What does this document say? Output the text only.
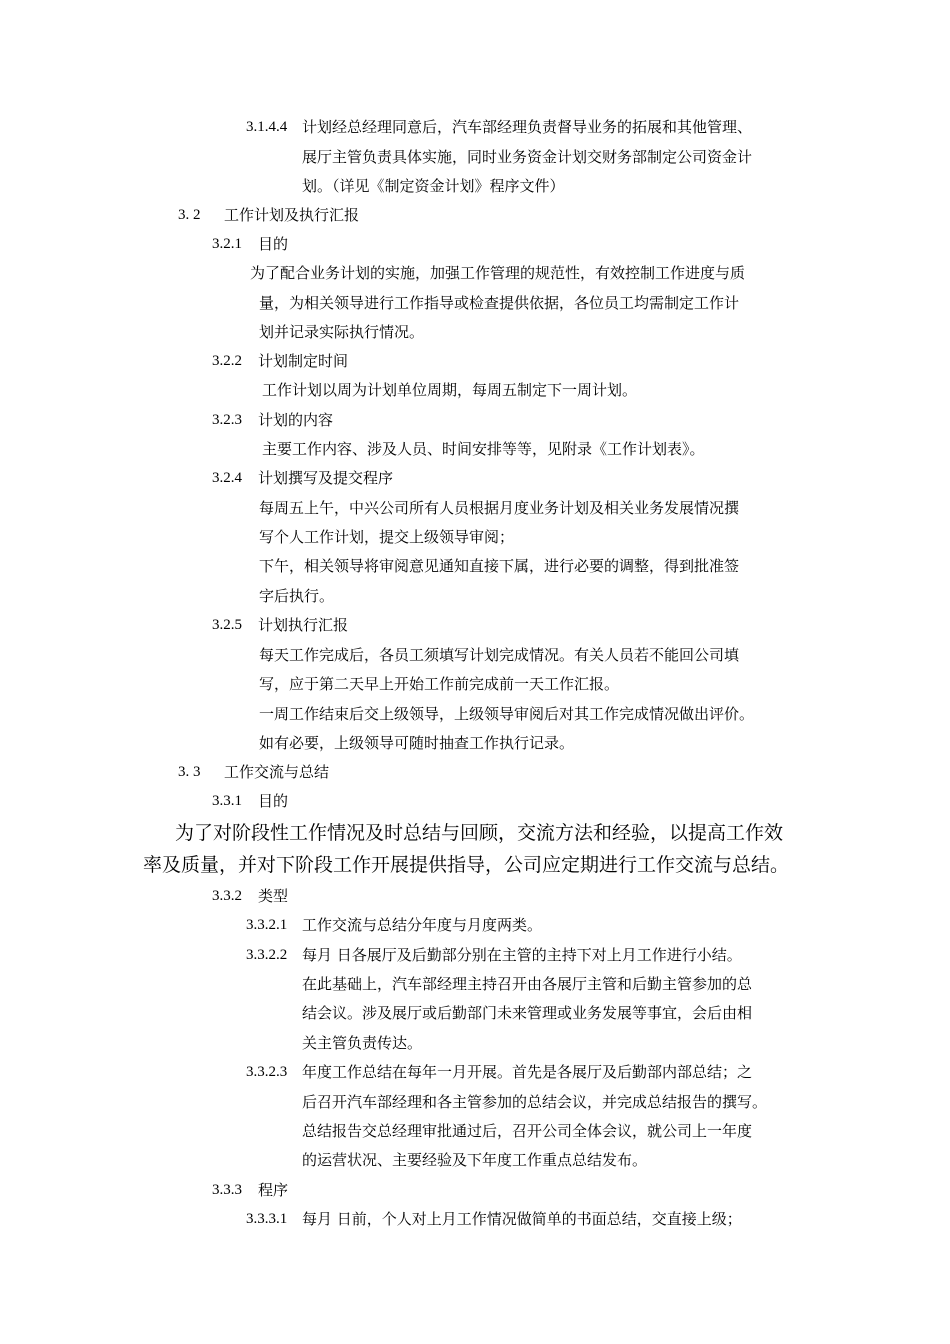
3.1.4.4 计划经总经理同意后，汽车部经理负责督导业务的拓展和其他管理、
展厅主管负责具体实施，同时业务资金计划交财务部制定公司资金计
划。（详见《制定资金计划》程序文件）
3. 2 工作计划及执行汇报
3.2.1 目的
为了配合业务计划的实施，加强工作管理的规范性，有效控制工作进度与质
量，为相关领导进行工作指导或检查提供依据，各位员工均需制定工作计
划并记录实际执行情况。
3.2.2 计划制定时间
工作计划以周为计划单位周期，每周五制定下一周计划。
3.2.3 计划的内容
主要工作内容、涉及人员、时间安排等等，见附录《工作计划表》。
3.2.4 计划撰写及提交程序
每周五上午，中兴公司所有人员根据月度业务计划及相关业务发展情况撰
写个人工作计划，提交上级领导审阅；
下午，相关领导将审阅意见通知直接下属，进行必要的调整，得到批准签
字后执行。
3.2.5 计划执行汇报
每天工作完成后，各员工须填写计划完成情况。有关人员若不能回公司填
写，应于第二天早上开始工作前完成前一天工作汇报。
一周工作结束后交上级领导，上级领导审阅后对其工作完成情况做出评价。
如有必要，上级领导可随时抽查工作执行记录。
3. 3 工作交流与总结
3.3.1 目的
为了对阶段性工作情况及时总结与回顾，交流方法和经验，以提高工作效
率及质量，并对下阶段工作开展提供指导，公司应定期进行工作交流与总结。
3.3.2 类型
3.3.2.1 工作交流与总结分年度与月度两类。
3.3.2.2 每月 日各展厅及后勤部分别在主管的主持下对上月工作进行小结。
在此基础上，汽车部经理主持召开由各展厅主管和后勤主管参加的总
结会议。涉及展厅或后勤部门未来管理或业务发展等事宜，会后由相
关主管负责传达。
3.3.2.3 年度工作总结在每年一月开展。首先是各展厅及后勤部内部总结；之
后召开汽车部经理和各主管参加的总结会议，并完成总结报告的撰写。
总结报告交总经理审批通过后，召开公司全体会议，就公司上一年度
的运营状况、主要经验及下年度工作重点总结发布。
3.3.3 程序
3.3.3.1 每月 日前，个人对上月工作情况做简单的书面总结，交直接上级；
